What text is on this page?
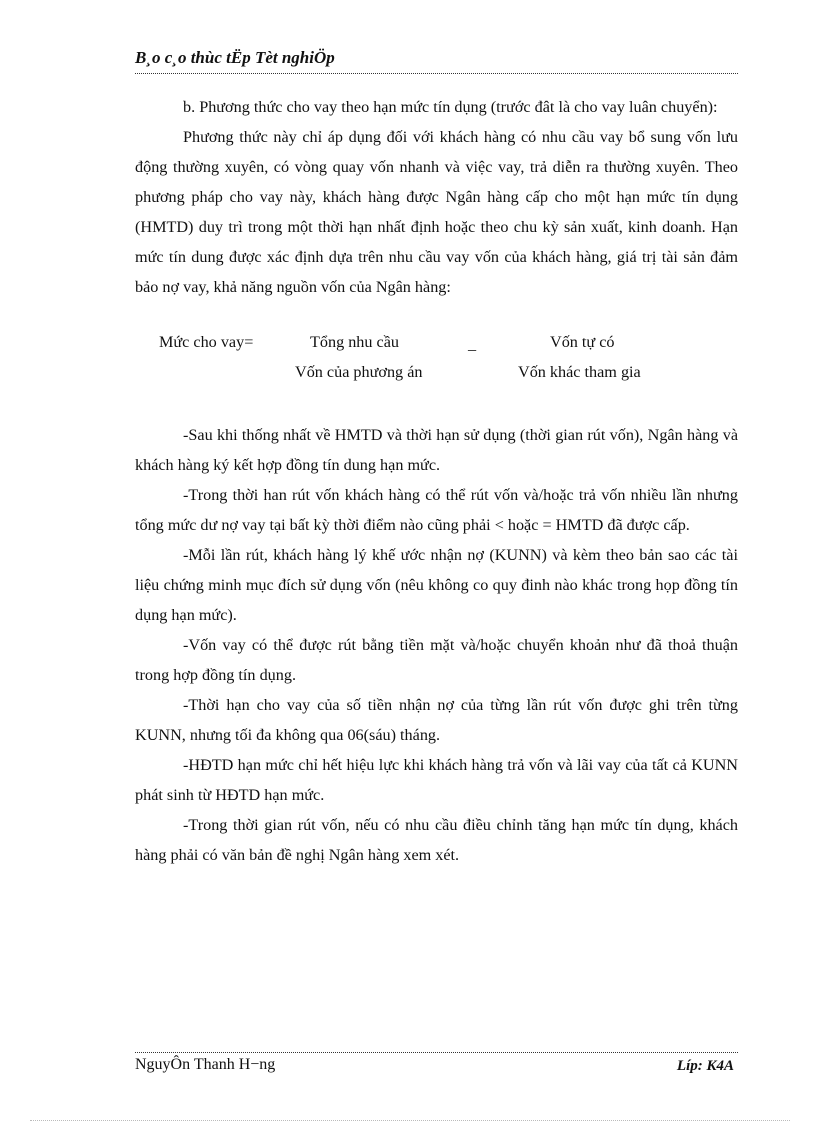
B¸o c¸o thùc tËp Tèt nghiÖp

b. Phương thức cho vay theo hạn mức tín dụng (trước đât là cho vay luân chuyển):

Phương thức này chỉ áp dụng đối với khách hàng có nhu cầu vay bổ sung vốn lưu động thường xuyên, có vòng quay vốn nhanh và việc vay, trả diễn ra thường xuyên. Theo phương pháp cho vay này, khách hàng được Ngân hàng cấp cho một hạn mức tín dụng (HMTD) duy trì trong một thời hạn nhất định hoặc theo chu kỳ sản xuất, kinh doanh. Hạn mức tín dung được xác định dựa trên nhu cầu vay vốn của khách hàng, giá trị tài sản đảm bảo nợ vay, khả năng nguồn vốn của Ngân hàng:

Mức cho vay=	Tổng nhu cầu
Vốn của phương án
_	Vốn tự có
Vốn khác tham gia

-Sau khi thống nhất về HMTD và thời hạn sử dụng (thời gian rút vốn), Ngân hàng và khách hàng ký kết hợp đồng tín dung hạn mức.

-Trong thời han rút vốn khách hàng có thể rút vốn và/hoặc trả vốn nhiều lần nhưng tổng mức dư nợ vay tại bất kỳ thời điểm nào cũng phải < hoặc = HMTD đã được cấp.

-Mỗi lần rút, khách hàng lý khế ước nhận nợ (KUNN) và kèm theo bản sao các tài liệu chứng minh mục đích sử dụng vốn (nêu không co quy đinh nào khác trong họp đồng tín dụng hạn mức).

-Vốn vay có thể được rút bằng tiền mặt và/hoặc chuyển khoản như đã thoả thuận trong hợp đồng tín dụng.

-Thời hạn cho vay của số tiền nhận nợ của từng lần rút vốn được ghi trên từng KUNN, nhưng tối đa không qua 06(sáu) tháng.

-HĐTD hạn mức chỉ hết hiệu lực khi khách hàng trả vốn và lãi vay của tất cả KUNN phát sinh từ HĐTD hạn mức.

-Trong thời gian rút vốn, nếu có nhu cầu điều chỉnh tăng hạn mức tín dụng, khách hàng phải có văn bản đề nghị Ngân hàng xem xét.

NguyÔn Thanh H−ng	Líp: K4A
